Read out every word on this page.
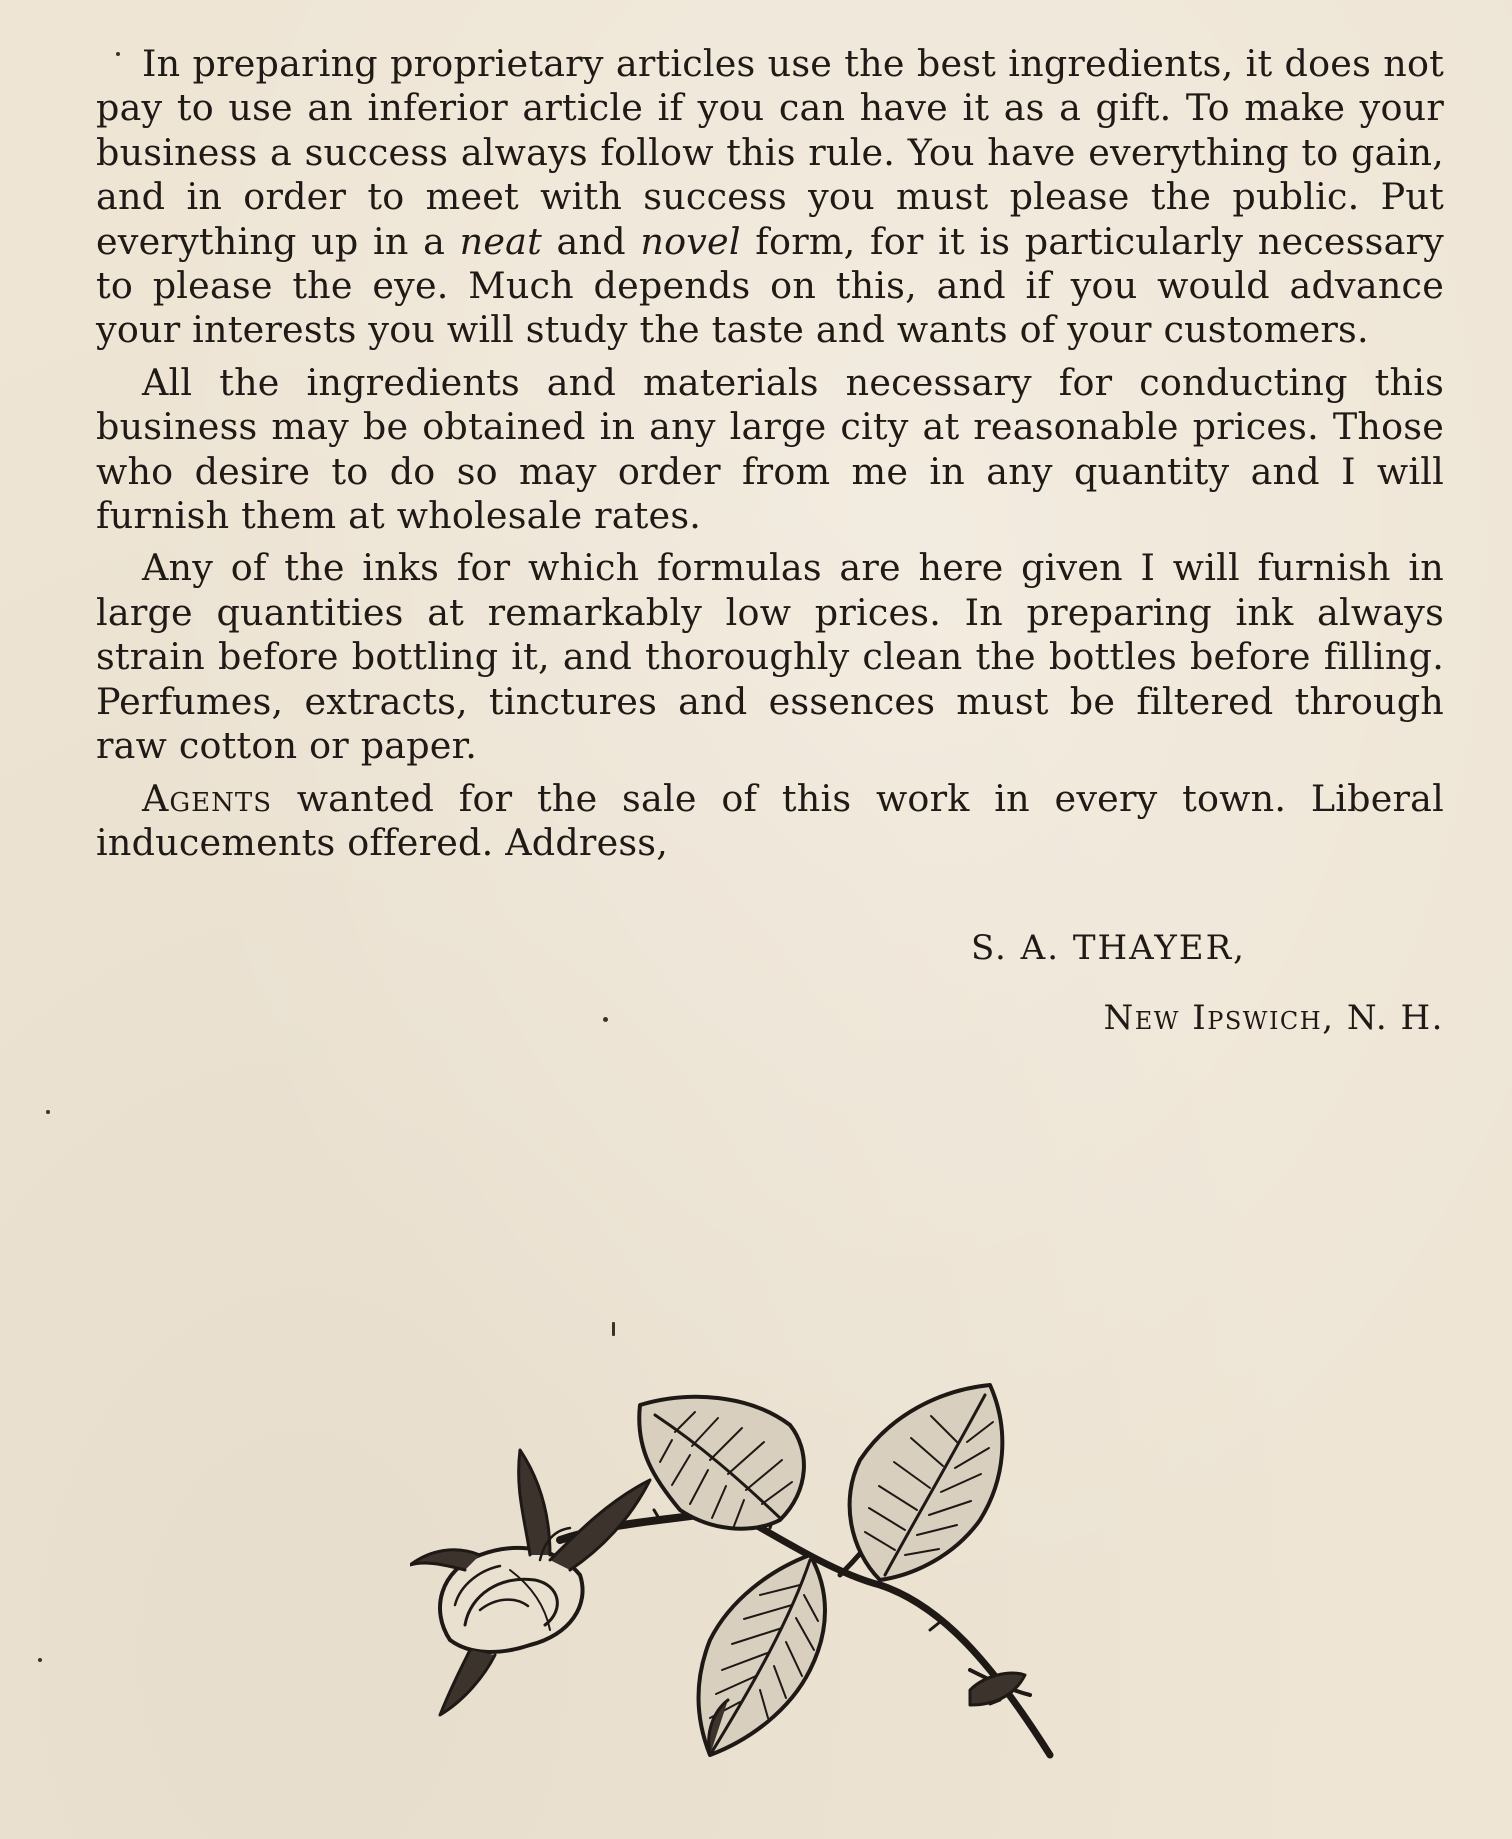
In preparing proprietary articles use the best ingredients, it does not pay to use an inferior article if you can have it as a gift. To make your business a success always follow this rule. You have everything to gain, and in order to meet with success you must please the public. Put everything up in a neat and novel form, for it is particularly necessary to please the eye. Much depends on this, and if you would advance your interests you will study the taste and wants of your customers.

All the ingredients and materials necessary for conducting this business may be obtained in any large city at reasonable prices. Those who desire to do so may order from me in any quantity and I will furnish them at wholesale rates.

Any of the inks for which formulas are here given I will furnish in large quantities at remarkably low prices. In preparing ink always strain before bottling it, and thoroughly clean the bottles before filling. Perfumes, extracts, tinctures and essences must be filtered through raw cotton or paper.

Agents wanted for the sale of this work in every town. Liberal inducements offered. Address,

S. A. THAYER,
New Ipswich, N. H.
